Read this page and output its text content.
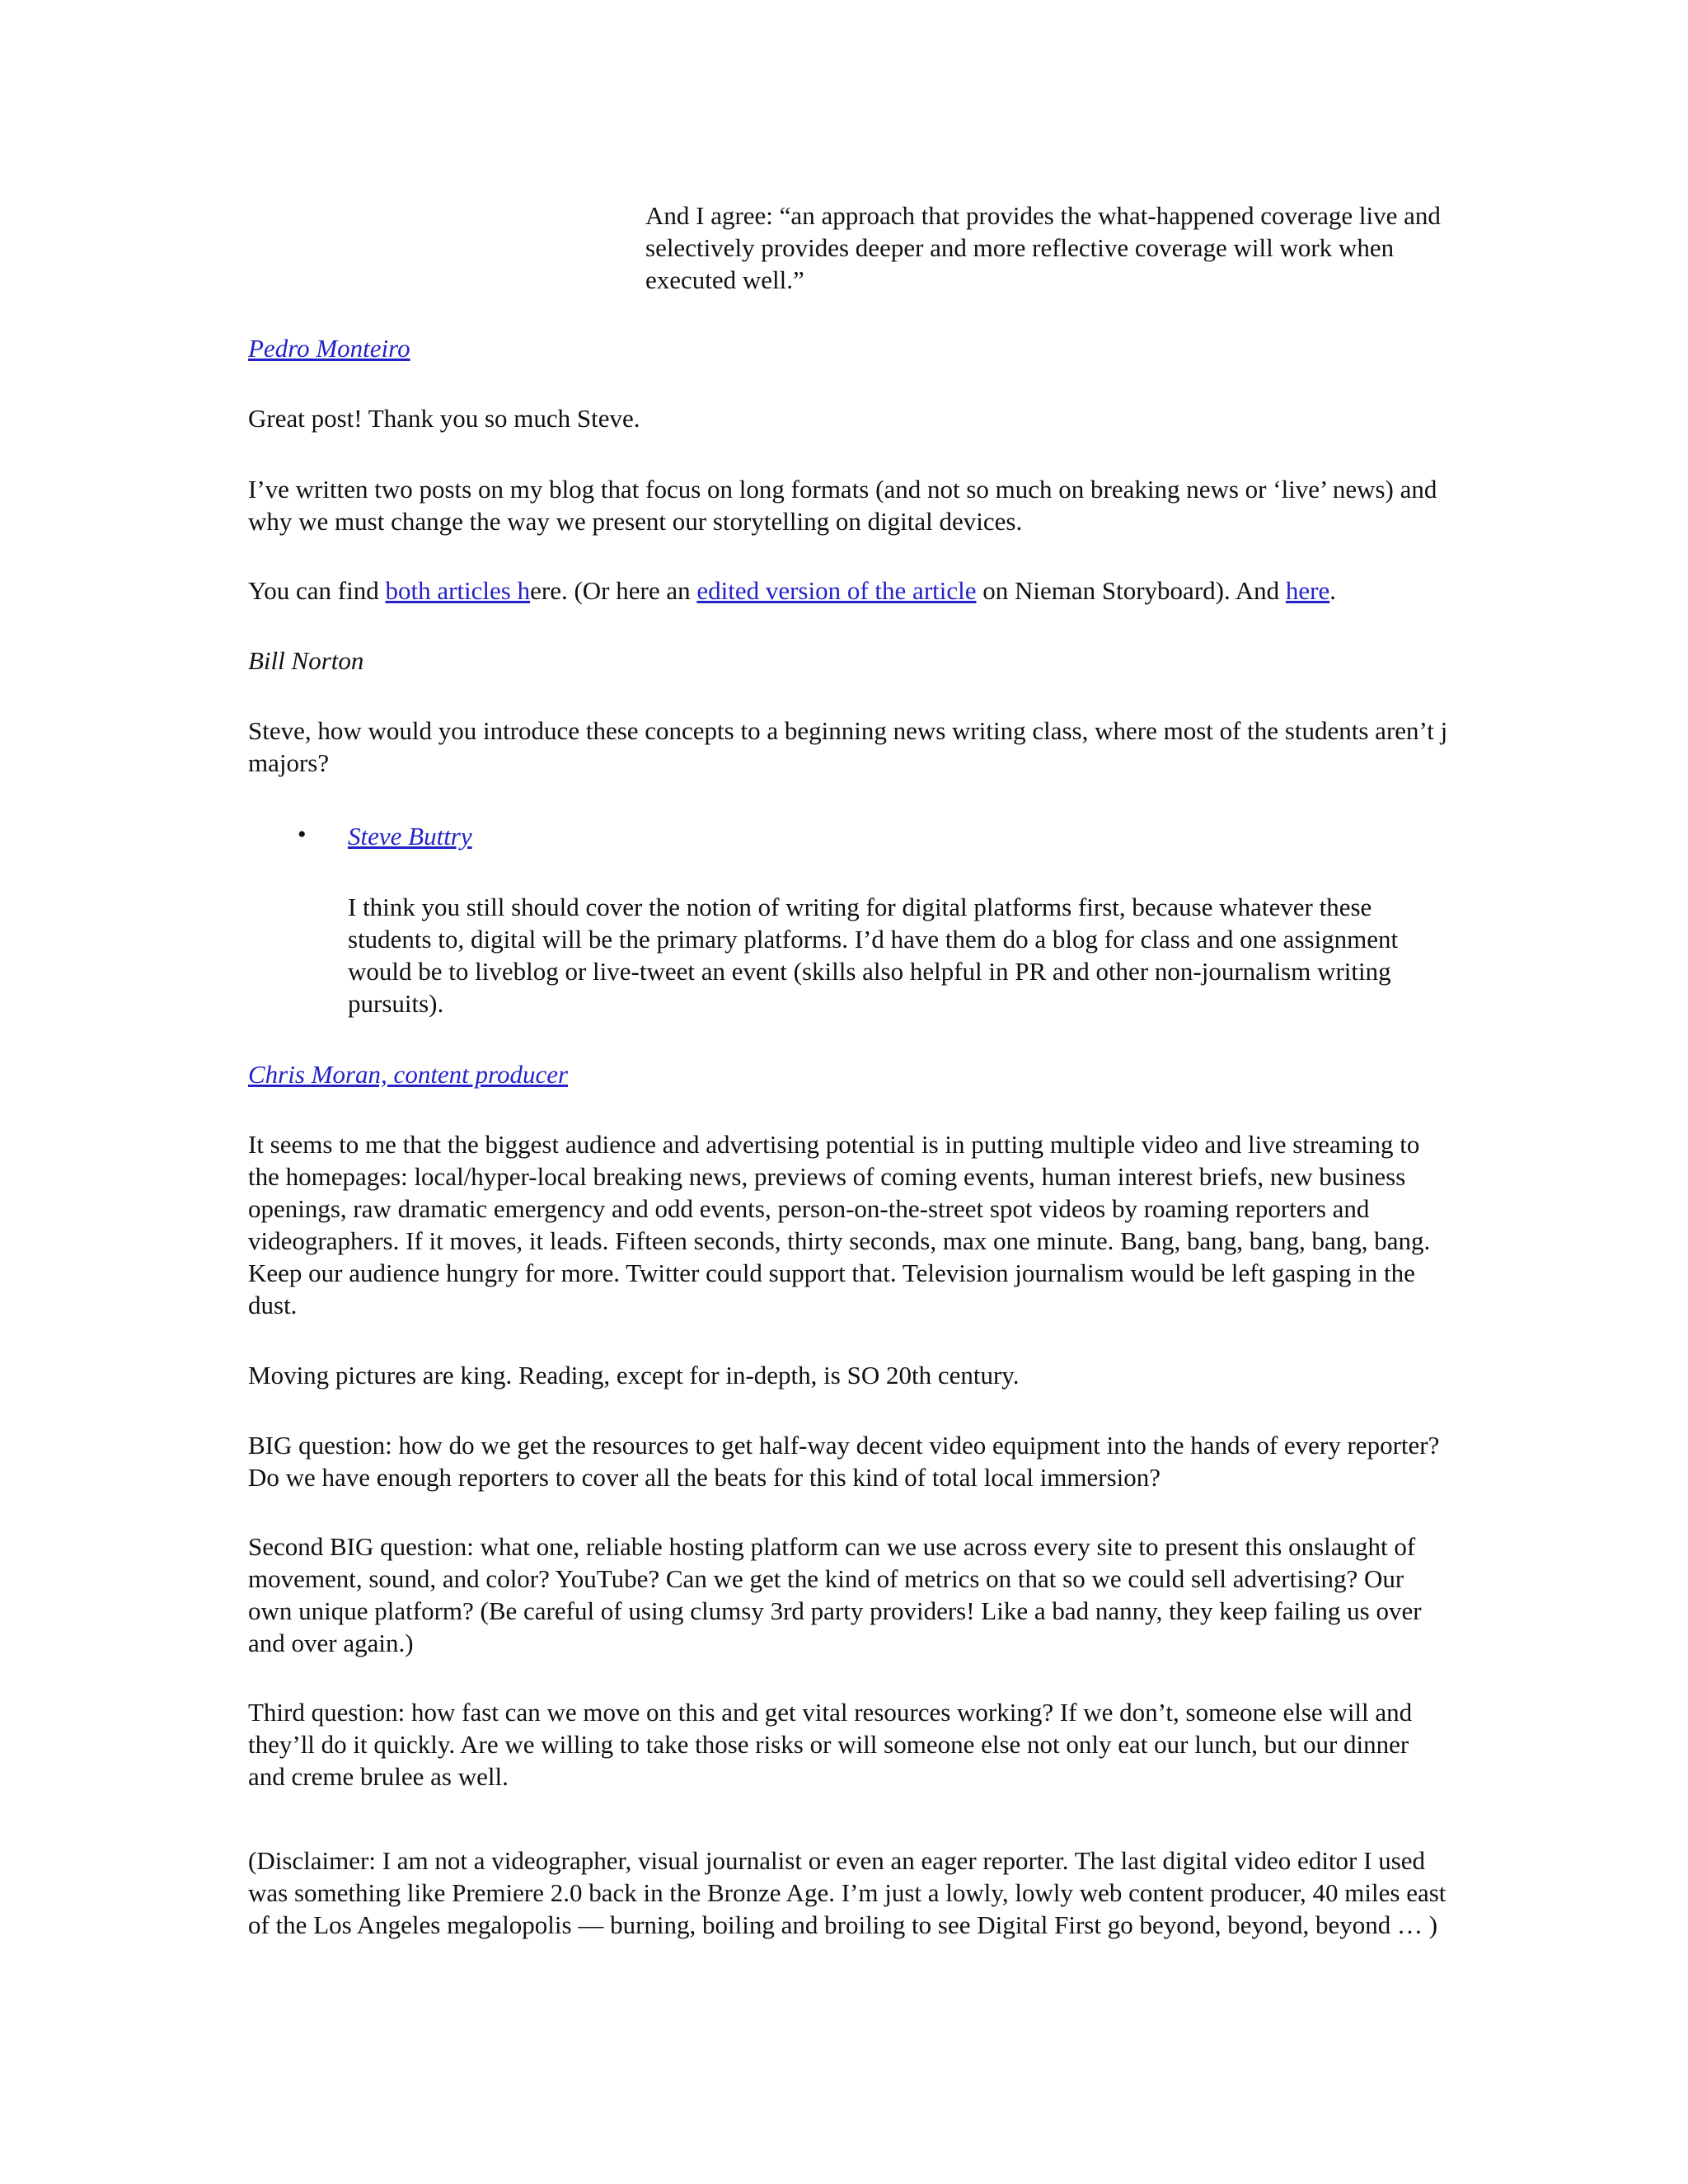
And I agree: “an approach that provides the what-happened coverage live and selectively provides deeper and more reflective coverage will work when executed well.”

Pedro Monteiro

Great post! Thank you so much Steve.

I’ve written two posts on my blog that focus on long formats (and not so much on breaking news or ‘live’ news) and why we must change the way we present our storytelling on digital devices.

You can find both articles here. (Or here an edited version of the article on Nieman Storyboard). And here.

Bill Norton

Steve, how would you introduce these concepts to a beginning news writing class, where most of the students aren’t j majors?

• Steve Buttry

I think you still should cover the notion of writing for digital platforms first, because whatever these students to, digital will be the primary platforms. I’d have them do a blog for class and one assignment would be to liveblog or live-tweet an event (skills also helpful in PR and other non-journalism writing pursuits).

Chris Moran, content producer

It seems to me that the biggest audience and advertising potential is in putting multiple video and live streaming to the homepages: local/hyper-local breaking news, previews of coming events, human interest briefs, new business openings, raw dramatic emergency and odd events, person-on-the-street spot videos by roaming reporters and videographers. If it moves, it leads. Fifteen seconds, thirty seconds, max one minute. Bang, bang, bang, bang, bang. Keep our audience hungry for more. Twitter could support that. Television journalism would be left gasping in the dust.

Moving pictures are king. Reading, except for in-depth, is SO 20th century.

BIG question: how do we get the resources to get half-way decent video equipment into the hands of every reporter? Do we have enough reporters to cover all the beats for this kind of total local immersion?

Second BIG question: what one, reliable hosting platform can we use across every site to present this onslaught of movement, sound, and color? YouTube? Can we get the kind of metrics on that so we could sell advertising? Our own unique platform? (Be careful of using clumsy 3rd party providers! Like a bad nanny, they keep failing us over and over again.)

Third question: how fast can we move on this and get vital resources working? If we don’t, someone else will and they’ll do it quickly. Are we willing to take those risks or will someone else not only eat our lunch, but our dinner and creme brulee as well.

(Disclaimer: I am not a videographer, visual journalist or even an eager reporter. The last digital video editor I used was something like Premiere 2.0 back in the Bronze Age. I’m just a lowly, lowly web content producer, 40 miles east of the Los Angeles megalopolis — burning, boiling and broiling to see Digital First go beyond, beyond, beyond … )
